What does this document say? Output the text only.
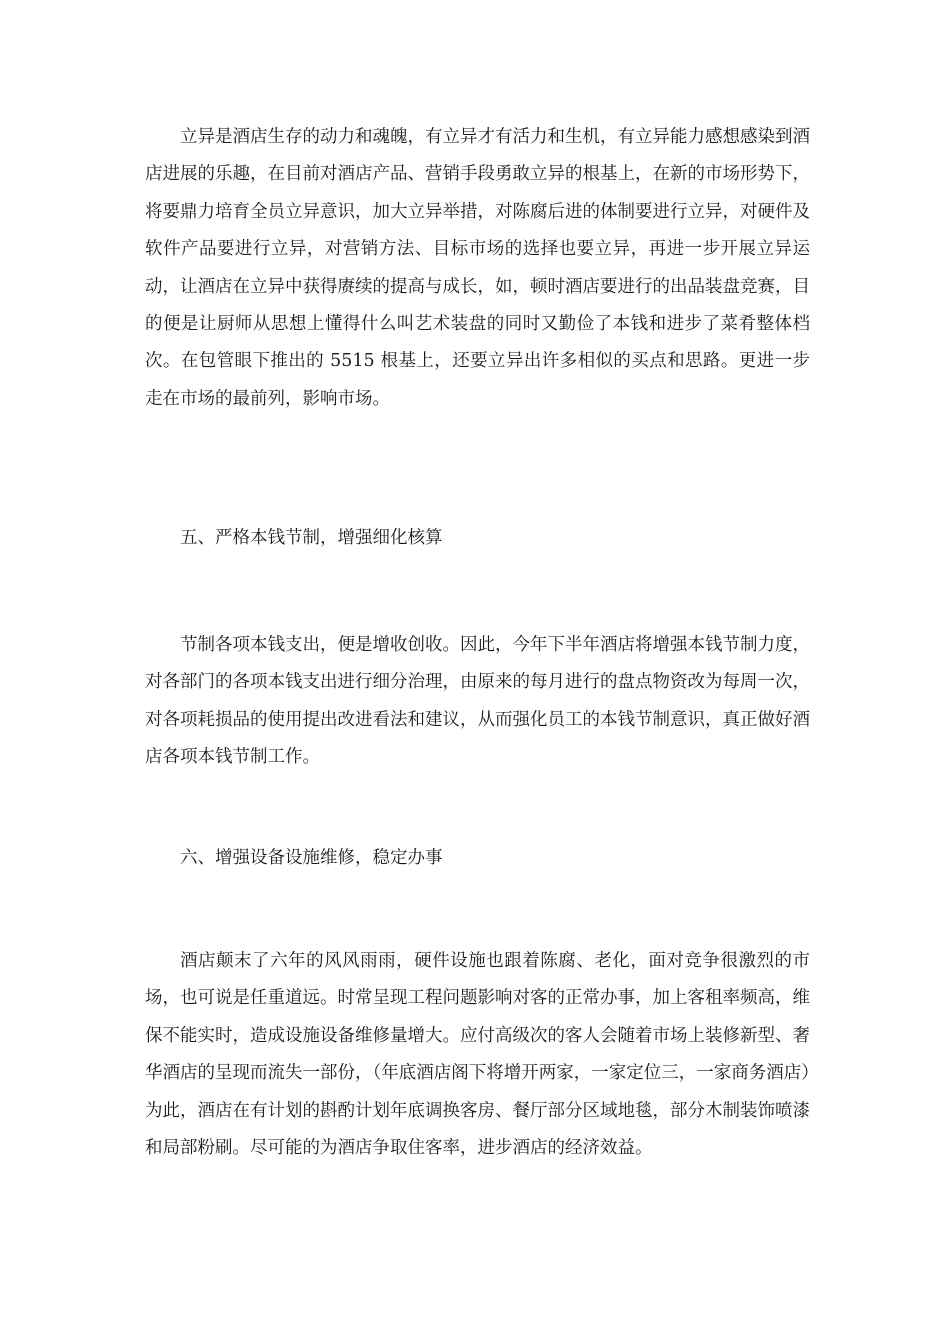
立异是酒店生存的动力和魂魄，有立异才有活力和生机，有立异能力感想感染到酒店进展的乐趣，在目前对酒店产品、营销手段勇敢立异的根基上，在新的市场形势下，将要鼎力培育全员立异意识，加大立异举措，对陈腐后进的体制要进行立异，对硬件及软件产品要进行立异，对营销方法、目标市场的选择也要立异，再进一步开展立异运动，让酒店在立异中获得赓续的提高与成长，如，顿时酒店要进行的出品装盘竞赛，目的便是让厨师从思想上懂得什么叫艺术装盘的同时又勤俭了本钱和进步了菜肴整体档次。在包管眼下推出的 5515 根基上，还要立异出许多相似的买点和思路。更进一步走在市场的最前列，影响市场。

五、严格本钱节制，增强细化核算

节制各项本钱支出，便是增收创收。因此，今年下半年酒店将增强本钱节制力度，对各部门的各项本钱支出进行细分治理，由原来的每月进行的盘点物资改为每周一次，对各项耗损品的使用提出改进看法和建议，从而强化员工的本钱节制意识，真正做好酒店各项本钱节制工作。

六、增强设备设施维修，稳定办事

酒店颠末了六年的风风雨雨，硬件设施也跟着陈腐、老化，面对竞争很激烈的市场，也可说是任重道远。时常呈现工程问题影响对客的正常办事，加上客租率频高，维保不能实时，造成设施设备维修量增大。应付高级次的客人会随着市场上装修新型、奢华酒店的呈现而流失一部份，（年底酒店阁下将增开两家，一家定位三，一家商务酒店）为此，酒店在有计划的斟酌计划年底调换客房、餐厅部分区域地毯，部分木制装饰喷漆和局部粉刷。尽可能的为酒店争取住客率，进步酒店的经济效益。
